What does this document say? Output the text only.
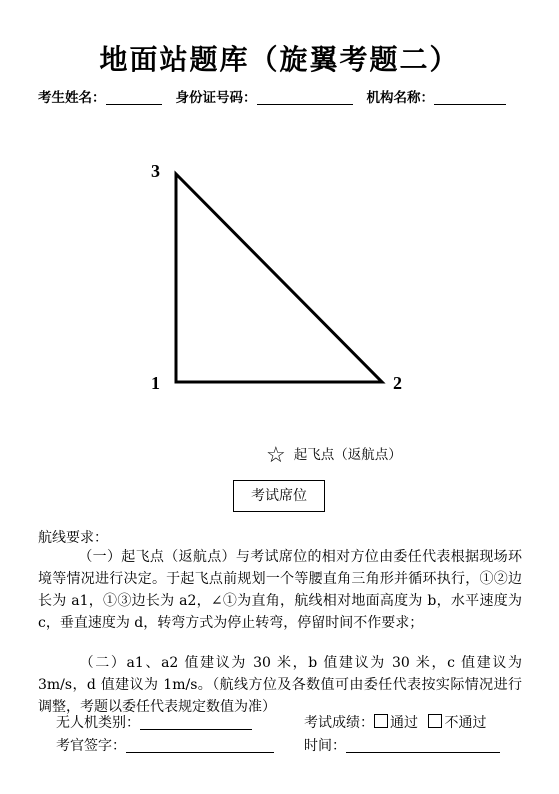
地面站题库（旋翼考题二）
考生姓名：	身份证号码：	机构名称：
3
1	2
☆ 起飞点（返航点）
考试席位
航线要求：
（一）起飞点（返航点）与考试席位的相对方位由委任代表根据现场环境等情况进行决定。于起飞点前规划一个等腰直角三角形并循环执行，①②边长为 a1，①③边长为 a2，∠①为直角，航线相对地面高度为 b，水平速度为 c，垂直速度为 d，转弯方式为停止转弯，停留时间不作要求；
（二）a1、a2 值建议为 30 米，b 值建议为 30 米，c 值建议为 3m/s，d 值建议为 1m/s。（航线方位及各数值可由委任代表按实际情况进行调整，考题以委任代表规定数值为准）
无人机类别：	考试成绩： 通过 不通过
考官签字：	时间：
